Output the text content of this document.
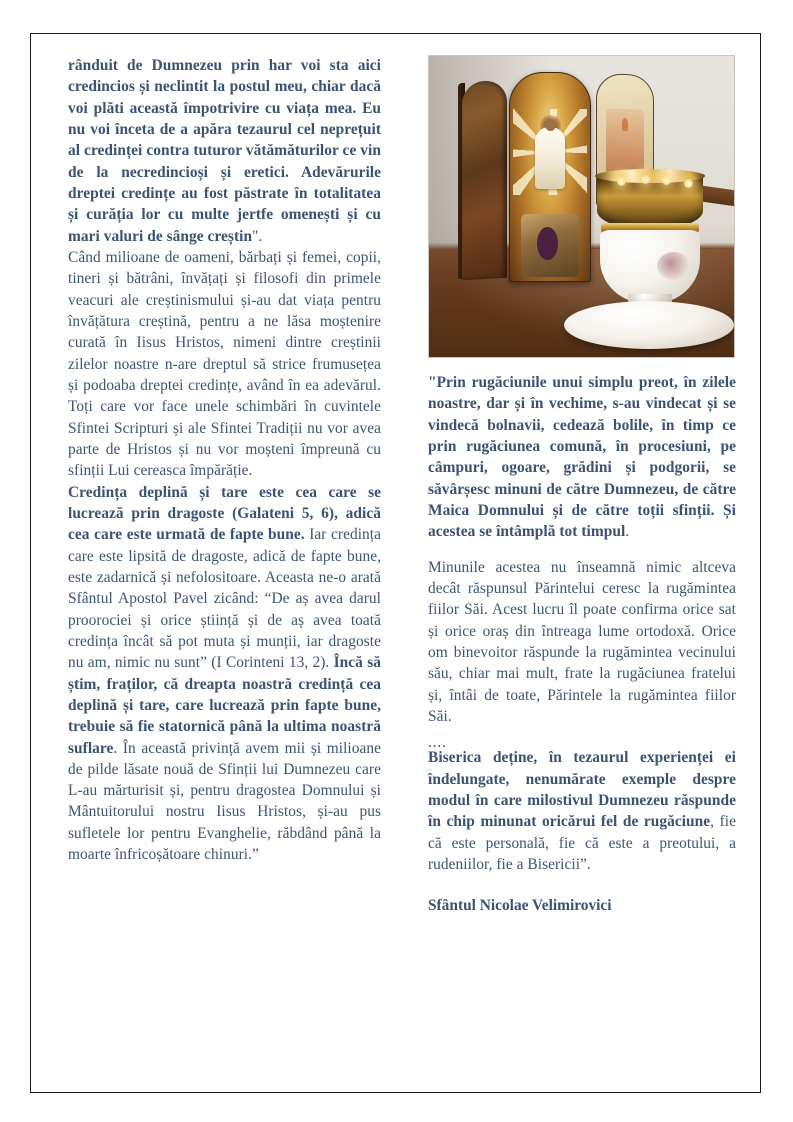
rânduit de Dumnezeu prin har voi sta aici credincios și neclintit la postul meu, chiar dacă voi plăti această împotrivire cu viața mea. Eu nu voi înceta de a apăra tezaurul cel neprețuit al credinței contra tuturor vătămăturilor ce vin de la necredincioși și eretici. Adevărurile dreptei credințe au fost păstrate în totalitatea și curăția lor cu multe jertfe omenești și cu mari valuri de sânge creștin".

Când milioane de oameni, bărbați și femei, copii, tineri și bătrâni, învățați și filosofi din primele veacuri ale creștinismului și-au dat viața pentru învățătura creștină, pentru a ne lăsa moștenire curată în Iisus Hristos, nimeni dintre creștinii zilelor noastre n-are dreptul să strice frumusețea și podoaba dreptei credințe, având în ea adevărul. Toți care vor face unele schimbări în cuvintele Sfintei Scripturi și ale Sfintei Tradiții nu vor avea parte de Hristos și nu vor moșteni împreună cu sfinții Lui cereasca împărăție.

Credința deplină și tare este cea care se lucrează prin dragoste (Galateni 5, 6), adică cea care este urmată de fapte bune. Iar credința care este lipsită de dragoste, adică de fapte bune, este zadarnică și nefolositoare. Aceasta ne-o arată Sfântul Apostol Pavel zicând: “De aș avea darul proorociei și orice știință și de aș avea toată credința încât să pot muta și munții, iar dragoste nu am, nimic nu sunt” (I Corinteni 13, 2). Încă să știm, fraților, că dreapta noastră credință cea deplină și tare, care lucrează prin fapte bune, trebuie să fie statornică până la ultima noastră suflare. În această privință avem mii și milioane de pilde lăsate nouă de Sfinții lui Dumnezeu care L-au mărturisit și, pentru dragostea Domnului și Mântuitorului nostru Iisus Hristos, și-au pus sufletele lor pentru Evanghelie, răbdând până la moarte înfricoșătoare chinuri.”

"Prin rugăciunile unui simplu preot, în zilele noastre, dar și în vechime, s-au vindecat și se vindecă bolnavii, cedează bolile, în timp ce prin rugăciunea comună, în procesiuni, pe câmpuri, ogoare, grădini și podgorii, se săvârșesc minuni de către Dumnezeu, de către Maica Domnului și de către toții sfinții. Și acestea se întâmplă tot timpul.

Minunile acestea nu înseamnă nimic altceva decât răspunsul Părintelui ceresc la rugămintea fiilor Săi. Acest lucru îl poate confirma orice sat și orice oraș din întreaga lume ortodoxă. Orice om binevoitor răspunde la rugămintea vecinului său, chiar mai mult, frate la rugăciunea fratelui și, întâi de toate, Părintele la rugămintea fiilor Săi.

....

Biserica deține, în tezaurul experienței ei îndelungate, nenumărate exemple despre modul în care milostivul Dumnezeu răspunde în chip minunat oricărui fel de rugăciune, fie că este personală, fie că este a preotului, a rudeniilor, fie a Bisericii”.

Sfântul Nicolae Velimirovici
